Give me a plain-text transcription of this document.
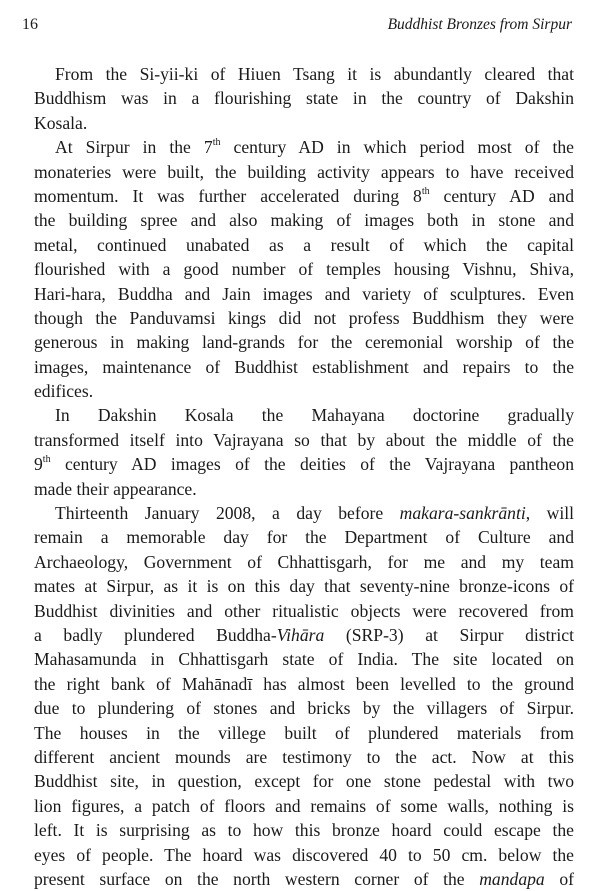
16	Buddhist Bronzes from Sirpur
From the Si-yii-ki of Hiuen Tsang it is abundantly cleared that
Buddhism was in a flourishing state in the country of Dakshin
Kosala.
At Sirpur in the 7th century AD in which period most of the
monateries were built, the building activity appears to have received
momentum. It was further accelerated during 8th century AD and
the building spree and also making of images both in stone and
metal, continued unabated as a result of which the capital
flourished with a good number of temples housing Vishnu, Shiva,
Hari-hara, Buddha and Jain images and variety of sculptures. Even
though the Panduvamsi kings did not profess Buddhism they were
generous in making land-grands for the ceremonial worship of the
images, maintenance of Buddhist establishment and repairs to the
edifices.
In Dakshin Kosala the Mahayana doctorine gradually
transformed itself into Vajrayana so that by about the middle of the
9th century AD images of the deities of the Vajrayana pantheon
made their appearance.
Thirteenth January 2008, a day before makara-sankrānti, will
remain a memorable day for the Department of Culture and
Archaeology, Government of Chhattisgarh, for me and my team
mates at Sirpur, as it is on this day that seventy-nine bronze-icons of
Buddhist divinities and other ritualistic objects were recovered from
a badly plundered Buddha-Vihāra (SRP-3) at Sirpur district
Mahasamunda in Chhattisgarh state of India. The site located on
the right bank of Mahānadī has almost been levelled to the ground
due to plundering of stones and bricks by the villagers of Sirpur.
The houses in the villege built of plundered materials from
different ancient mounds are testimony to the act. Now at this
Buddhist site, in question, except for one stone pedestal with two
lion figures, a patch of floors and remains of some walls, nothing is
left. It is surprising as to how this bronze hoard could escape the
eyes of people. The hoard was discovered 40 to 50 cm. below the
present surface on the north western corner of the mandapa of
